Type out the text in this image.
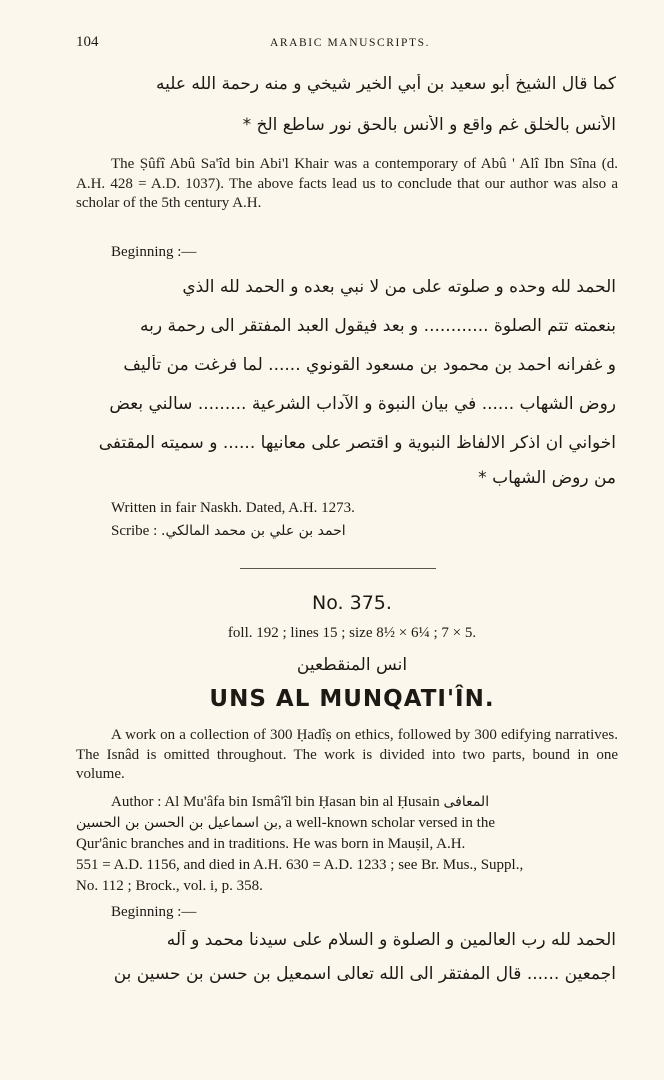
104	ARABIC MANUSCRIPTS.
كما قال الشيخ أبو سعيد بن أبي الخير شيخي و منه رحمة الله عليه
الأنس بالخلق غم واقع و الأنس بالحق نور ساطع الخ *
The Ṣûfî Abû Sa'îd bin Abi'l Khair was a contemporary of Abû ' Alî Ibn Sîna (d. A.H. 428 = A.D. 1037). The above facts lead us to conclude that our author was also a scholar of the 5th century A.H.
Beginning :—
الحمد لله وحده و صلوته على من لا نبي بعده و الحمد لله الذي
بنعمته تتم الصلوة ............ و بعد فيقول العبد المفتقر الى رحمة ربه
و غفرانه احمد بن محمود بن مسعود القونوي ...... لما فرغت من تأليف
روض الشهاب ...... في بيان النبوة و الآداب الشرعية ......... سالني بعض
اخواني ان اذكر الالفاظ النبوية و اقتصر على معانيها ...... و سميته المقتفى
من روض الشهاب *
Written in fair Naskh. Dated, A.H. 1273.
Scribe : احمد بن علي بن محمد المالكي.
No. 375.
foll. 192 ; lines 15 ; size 8½ × 6¼ ; 7 × 5.
انس المنقطعين
UNS AL MUNQATI'ÎN.
A work on a collection of 300 Ḥadîṣ on ethics, followed by 300 edifying narratives. The Isnâd is omitted throughout. The work is divided into two parts, bound in one volume.
Author : Al Mu'âfa bin Ismâ'îl bin Ḥasan bin al Ḥusain المعافى
بن اسماعيل بن الحسن بن الحسين, a well-known scholar versed in the
Qur'ânic branches and in traditions. He was born in Mauṣil, A.H.
551 = A.D. 1156, and died in A.H. 630 = A.D. 1233 ; see Br. Mus., Suppl.,
No. 112 ; Brock., vol. i, p. 358.
Beginning :—
الحمد لله رب العالمين و الصلوة و السلام على سيدنا محمد و آله
اجمعين ...... قال المفتقر الى الله تعالى اسمعيل بن حسن بن حسين بن
